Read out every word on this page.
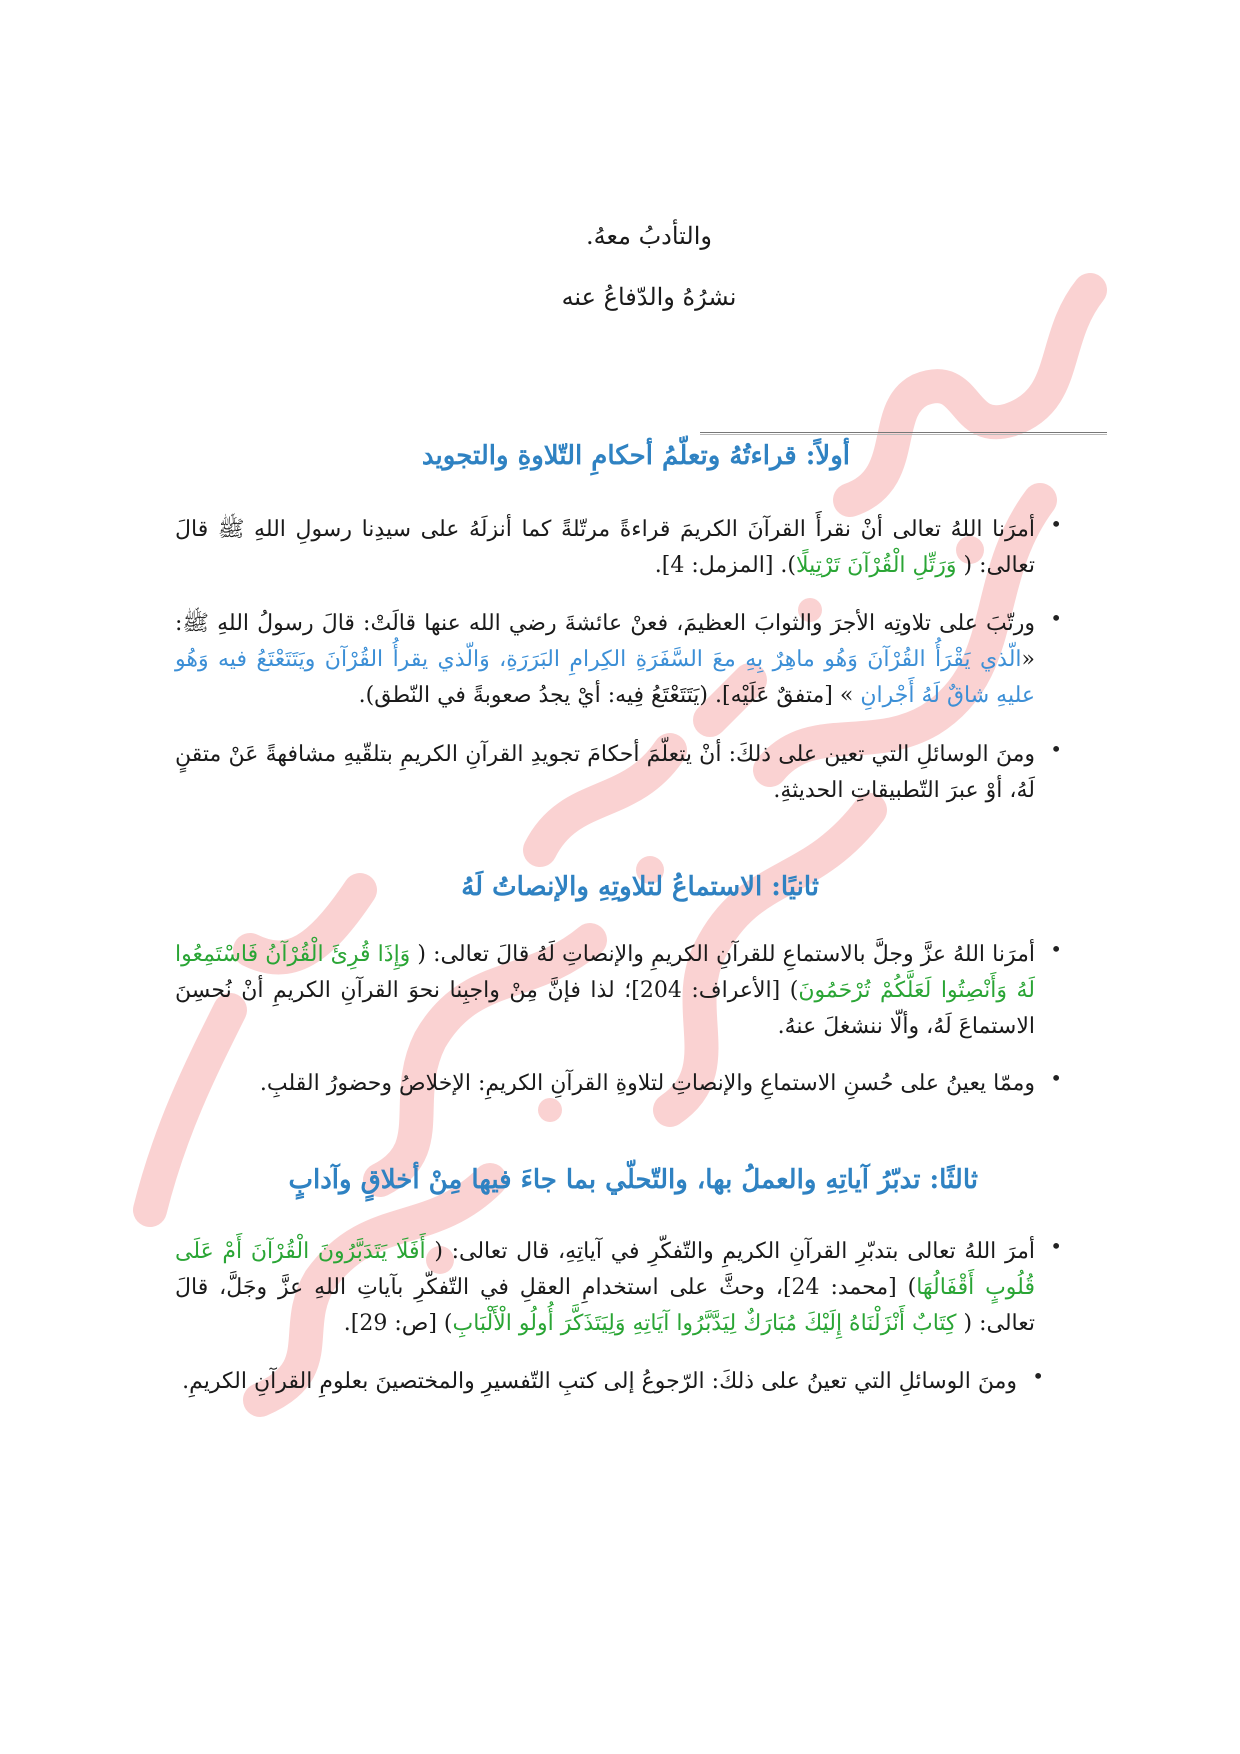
والتأدبُ معهُ.
نشرُهُ والدّفاعُ عنه
أولاً: قراءتُهُ وتعلّمُ أحكامِ التّلاوةِ والتجويد
•
أمرَنا اللهُ تعالى أنْ نقرأَ القرآنَ الكريمَ قراءةً مرتّلةً كما أنزلَهُ على سيدِنا رسولِ اللهِ ﷺ قالَ تعالى: ( وَرَتِّلِ الْقُرْآنَ تَرْتِيلًا). [المزمل: 4].
•
ورتّبَ على تلاوتِه الأجرَ والثوابَ العظيمَ، فعنْ عائشةَ رضي الله عنها قالَتْ: قالَ رسولُ اللهِ ﷺ: «الّذي يَقْرَأُ القُرْآنَ وَهُو ماهِرٌ بِهِ معَ السَّفَرَةِ الكِرامِ البَرَرَةِ، وَالّذي يقرأُ القُرْآنَ ويَتَتَعْتَعُ فيه وَهُو عليهِ شاقٌ لَهُ أَجْرانِ » [متفقٌ عَلَيْه]. (يَتَتَعْتَعُ فِيه: أيْ يجدُ صعوبةً في النّطق).
•
ومنَ الوسائلِ التي تعين على ذلكَ: أنْ يتعلّمَ أحكامَ تجويدِ القرآنِ الكريمِ بتلقّيهِ مشافهةً عَنْ متقنٍ لَهُ، أوْ عبرَ التّطبيقاتِ الحديثةِ.
ثانيًا: الاستماعُ لتلاوتِهِ والإنصاتُ لَهُ
•
أمرَنا اللهُ عزَّ وجلَّ بالاستماعِ للقرآنِ الكريمِ والإنصاتِ لَهُ قالَ تعالى: ( وَإِذَا قُرِئَ الْقُرْآنُ فَاسْتَمِعُوا لَهُ وَأَنْصِتُوا لَعَلَّكُمْ تُرْحَمُونَ) [الأعراف: 204]؛ لذا فإنَّ مِنْ واجبِنا نحوَ القرآنِ الكريمِ أنْ نُحسِنَ الاستماعَ لَهُ، وألّا ننشغلَ عنهُ.
•
وممّا يعينُ على حُسنِ الاستماعِ والإنصاتِ لتلاوةِ القرآنِ الكريمِ: الإخلاصُ وحضورُ القلبِ.
ثالثًا: تدبّرُ آياتِهِ والعملُ بها، والتّحلّي بما جاءَ فيها مِنْ أخلاقٍ وآدابٍ
•
أمرَ اللهُ تعالى بتدبّرِ القرآنِ الكريمِ والتّفكّرِ في آياتِهِ، قال تعالى: ( أَفَلَا يَتَدَبَّرُونَ الْقُرْآنَ أَمْ عَلَى قُلُوبٍ أَقْفَالُهَا) [محمد: 24]، وحثَّ على استخدامِ العقلِ في التّفكّرِ بآياتِ اللهِ عزَّ وجَلَّ، قالَ تعالى: ( كِتَابٌ أَنْزَلْنَاهُ إِلَيْكَ مُبَارَكٌ لِيَدَّبَّرُوا آيَاتِهِ وَلِيَتَذَكَّرَ أُولُو الْأَلْبَابِ) [ص: 29].
•
ومنَ الوسائلِ التي تعينُ على ذلكَ: الرّجوعُ إلى كتبِ التّفسيرِ والمختصينَ بعلومِ القرآنِ الكريمِ.
